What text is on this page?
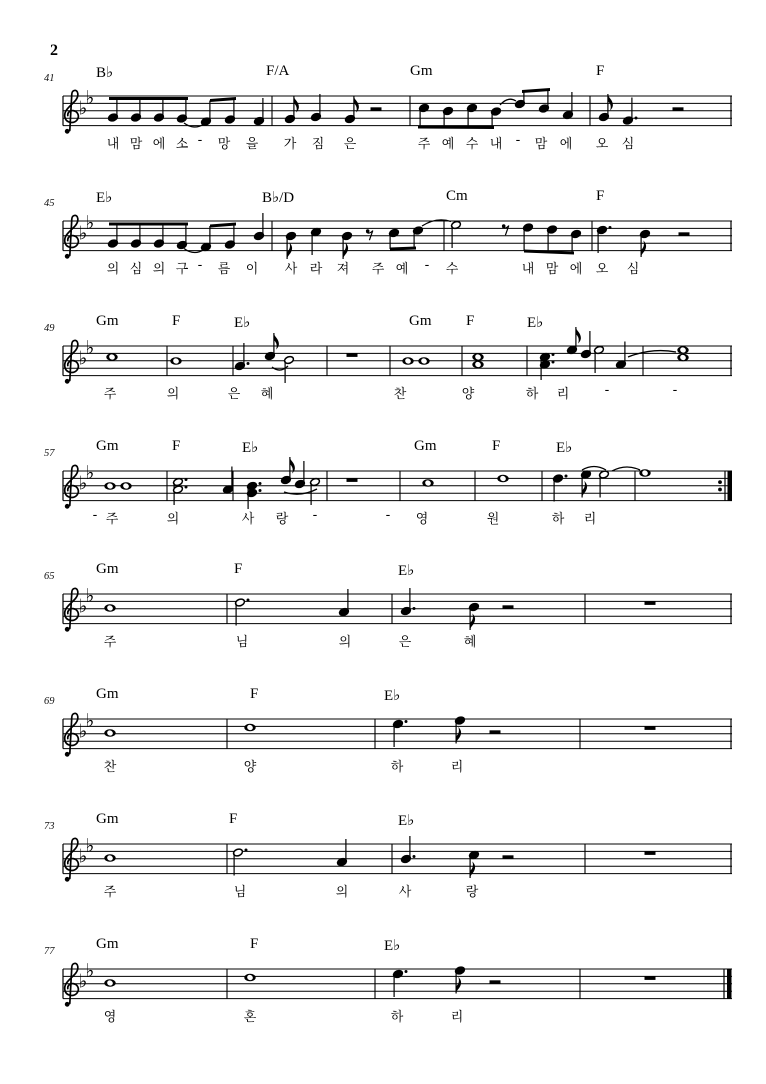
2
♭
♭
♭
♭
♭
♭
♭
♭
♭
♭
♭
♭
♭
♭
♭
♭
41	B♭	F/A	Gm	F
내 맘 에 소 - 망 을 가 짐 은	주 예 수 내 - 맘 에 오 심
45	E♭	B♭/D	Cm	F
의 심 의 구 - 름 이 사 라 져 주 예 - 수	내 맘 에 오 심
49	Gm	F	E♭	Gm F	E♭
주	의	은 혜	찬	양	하 리	-	-
57	Gm	F	E♭	Gm	F	E♭
- 주	의	사 랑 -	- 영	원	하 리
65	Gm	F	E♭
주	님	의	은	혜
69	Gm	F	E♭
찬	양	하	리
73	Gm	F	E♭
주	님	의	사	랑
77	Gm	F	E♭
영	혼	하	리
